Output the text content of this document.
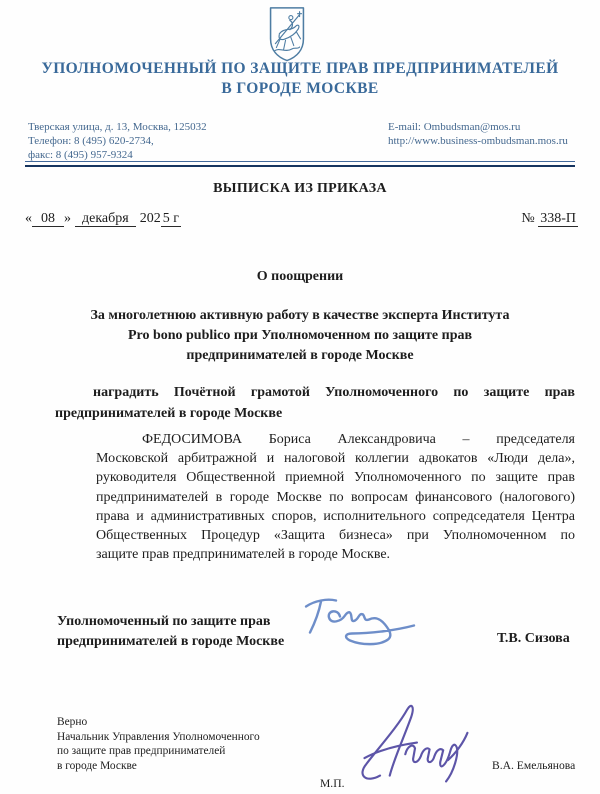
УПОЛНОМОЧЕННЫЙ ПО ЗАЩИТЕ ПРАВ ПРЕДПРИНИМАТЕЛЕЙ
В ГОРОДЕ МОСКВЕ
Тверская улица, д. 13, Москва, 125032
Телефон: 8 (495) 620-2734,
факс: 8 (495) 957-9324
E-mail: Ombudsman@mos.ru
http://www.business-ombudsman.mos.ru
ВЫПИСКА ИЗ ПРИКАЗА
« 08 » декабря 202 5 г	№ 338-П
О поощрении
За многолетнюю активную работу в качестве эксперта Института
Pro bono publico при Уполномоченном по защите прав
предпринимателей в городе Москве
наградить Почётной грамотой Уполномоченного по защите прав
предпринимателей в городе Москве
ФЕДОСИМОВА Бориса Александровича – председателя
Московской арбитражной и налоговой коллегии адвокатов «Люди дела»,
руководителя Общественной приемной Уполномоченного по защите прав
предпринимателей в городе Москве по вопросам финансового (налогового)
права и административных споров, исполнительного сопредседателя Центра
Общественных Процедур «Защита бизнеса» при Уполномоченном по
защите прав предпринимателей в городе Москве.
Уполномоченный по защите прав
предпринимателей в городе Москве	Т.В. Сизова
Верно
Начальник Управления Уполномоченного
по защите прав предпринимателей
в городе Москве
М.П.
В.А. Емельянова
